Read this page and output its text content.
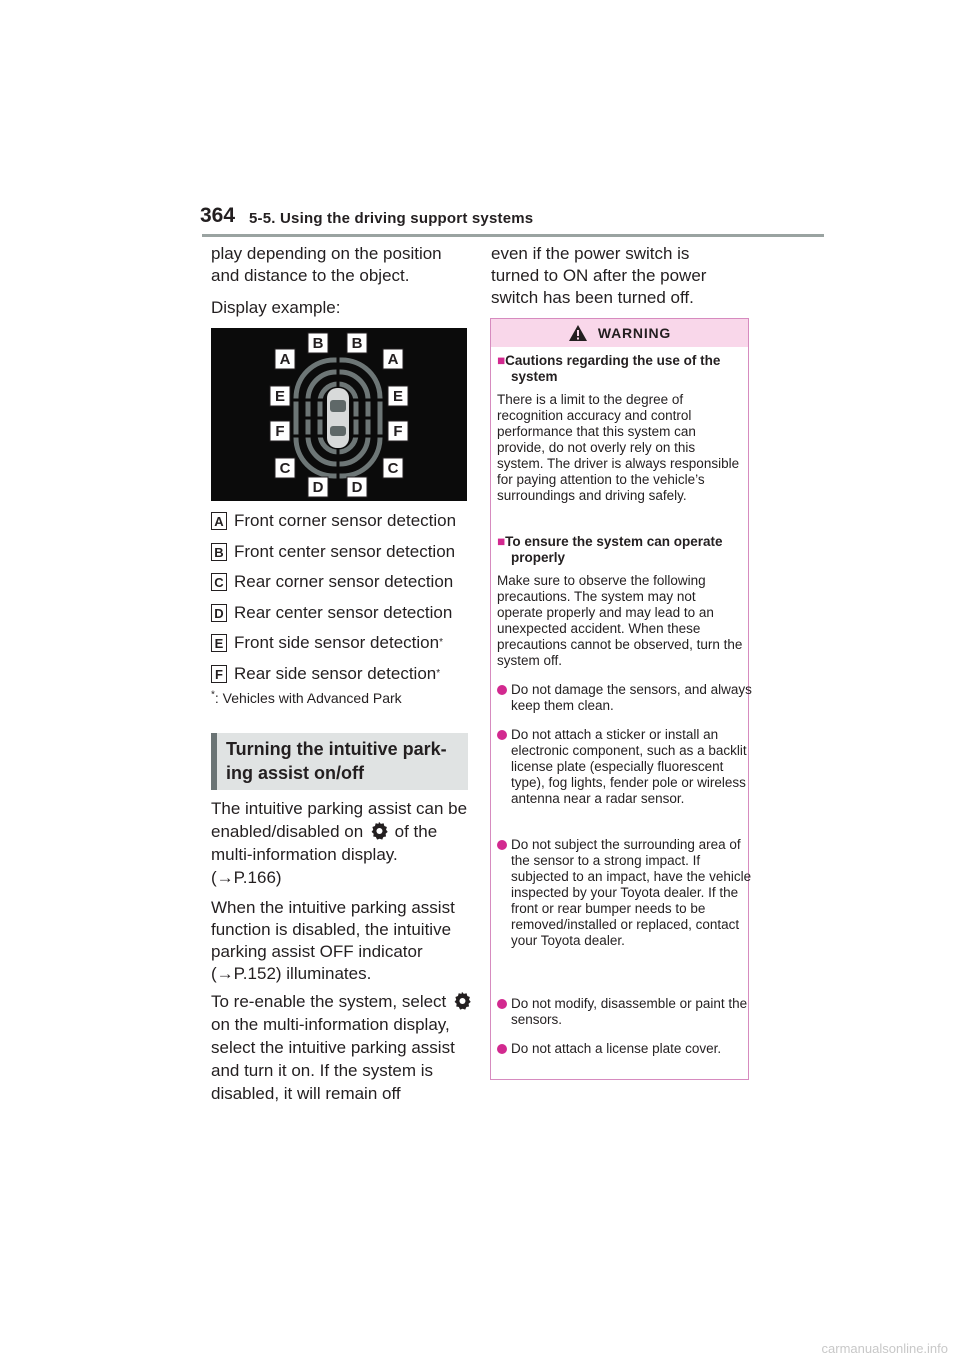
364 5-5. Using the driving support systems
play depending on the position and distance to the object.
Display example:
B B
A	A
E	E
F	F
C	C
D D
A Front corner sensor detection
B Front center sensor detection
C Rear corner sensor detection
D Rear center sensor detection
E Front side sensor detection *
F Rear side sensor detection *
*: Vehicles with Advanced Park
Turning the intuitive park-
ing assist on/off
The intuitive parking assist can be enabled/disabled on of the multi-information display. (→P.166)
When the intuitive parking assist function is disabled, the intuitive parking assist OFF indicator (→P.152) illuminates.
To re-enable the system, select  on the multi-information display, select the intuitive parking assist and turn it on. If the system is disabled, it will remain off
even if the power switch is turned to ON after the power switch has been turned off.
WARNING
■Cautions regarding the use of the system
There is a limit to the degree of recognition accuracy and control performance that this system can provide, do not overly rely on this system. The driver is always responsible for paying attention to the vehicle’s surroundings and driving safely.
■To ensure the system can operate properly
Make sure to observe the following precautions. The system may not operate properly and may lead to an unexpected accident. When these precautions cannot be observed, turn the system off.
Do not damage the sensors, and always keep them clean.
Do not attach a sticker or install an electronic component, such as a backlit license plate (especially fluorescent type), fog lights, fender pole or wireless antenna near a radar sensor.
Do not subject the surrounding area of the sensor to a strong impact. If subjected to an impact, have the vehicle inspected by your Toyota dealer. If the front or rear bumper needs to be removed/installed or replaced, contact your Toyota dealer.
Do not modify, disassemble or paint the sensors.
Do not attach a license plate cover.
carmanualsonline.info
